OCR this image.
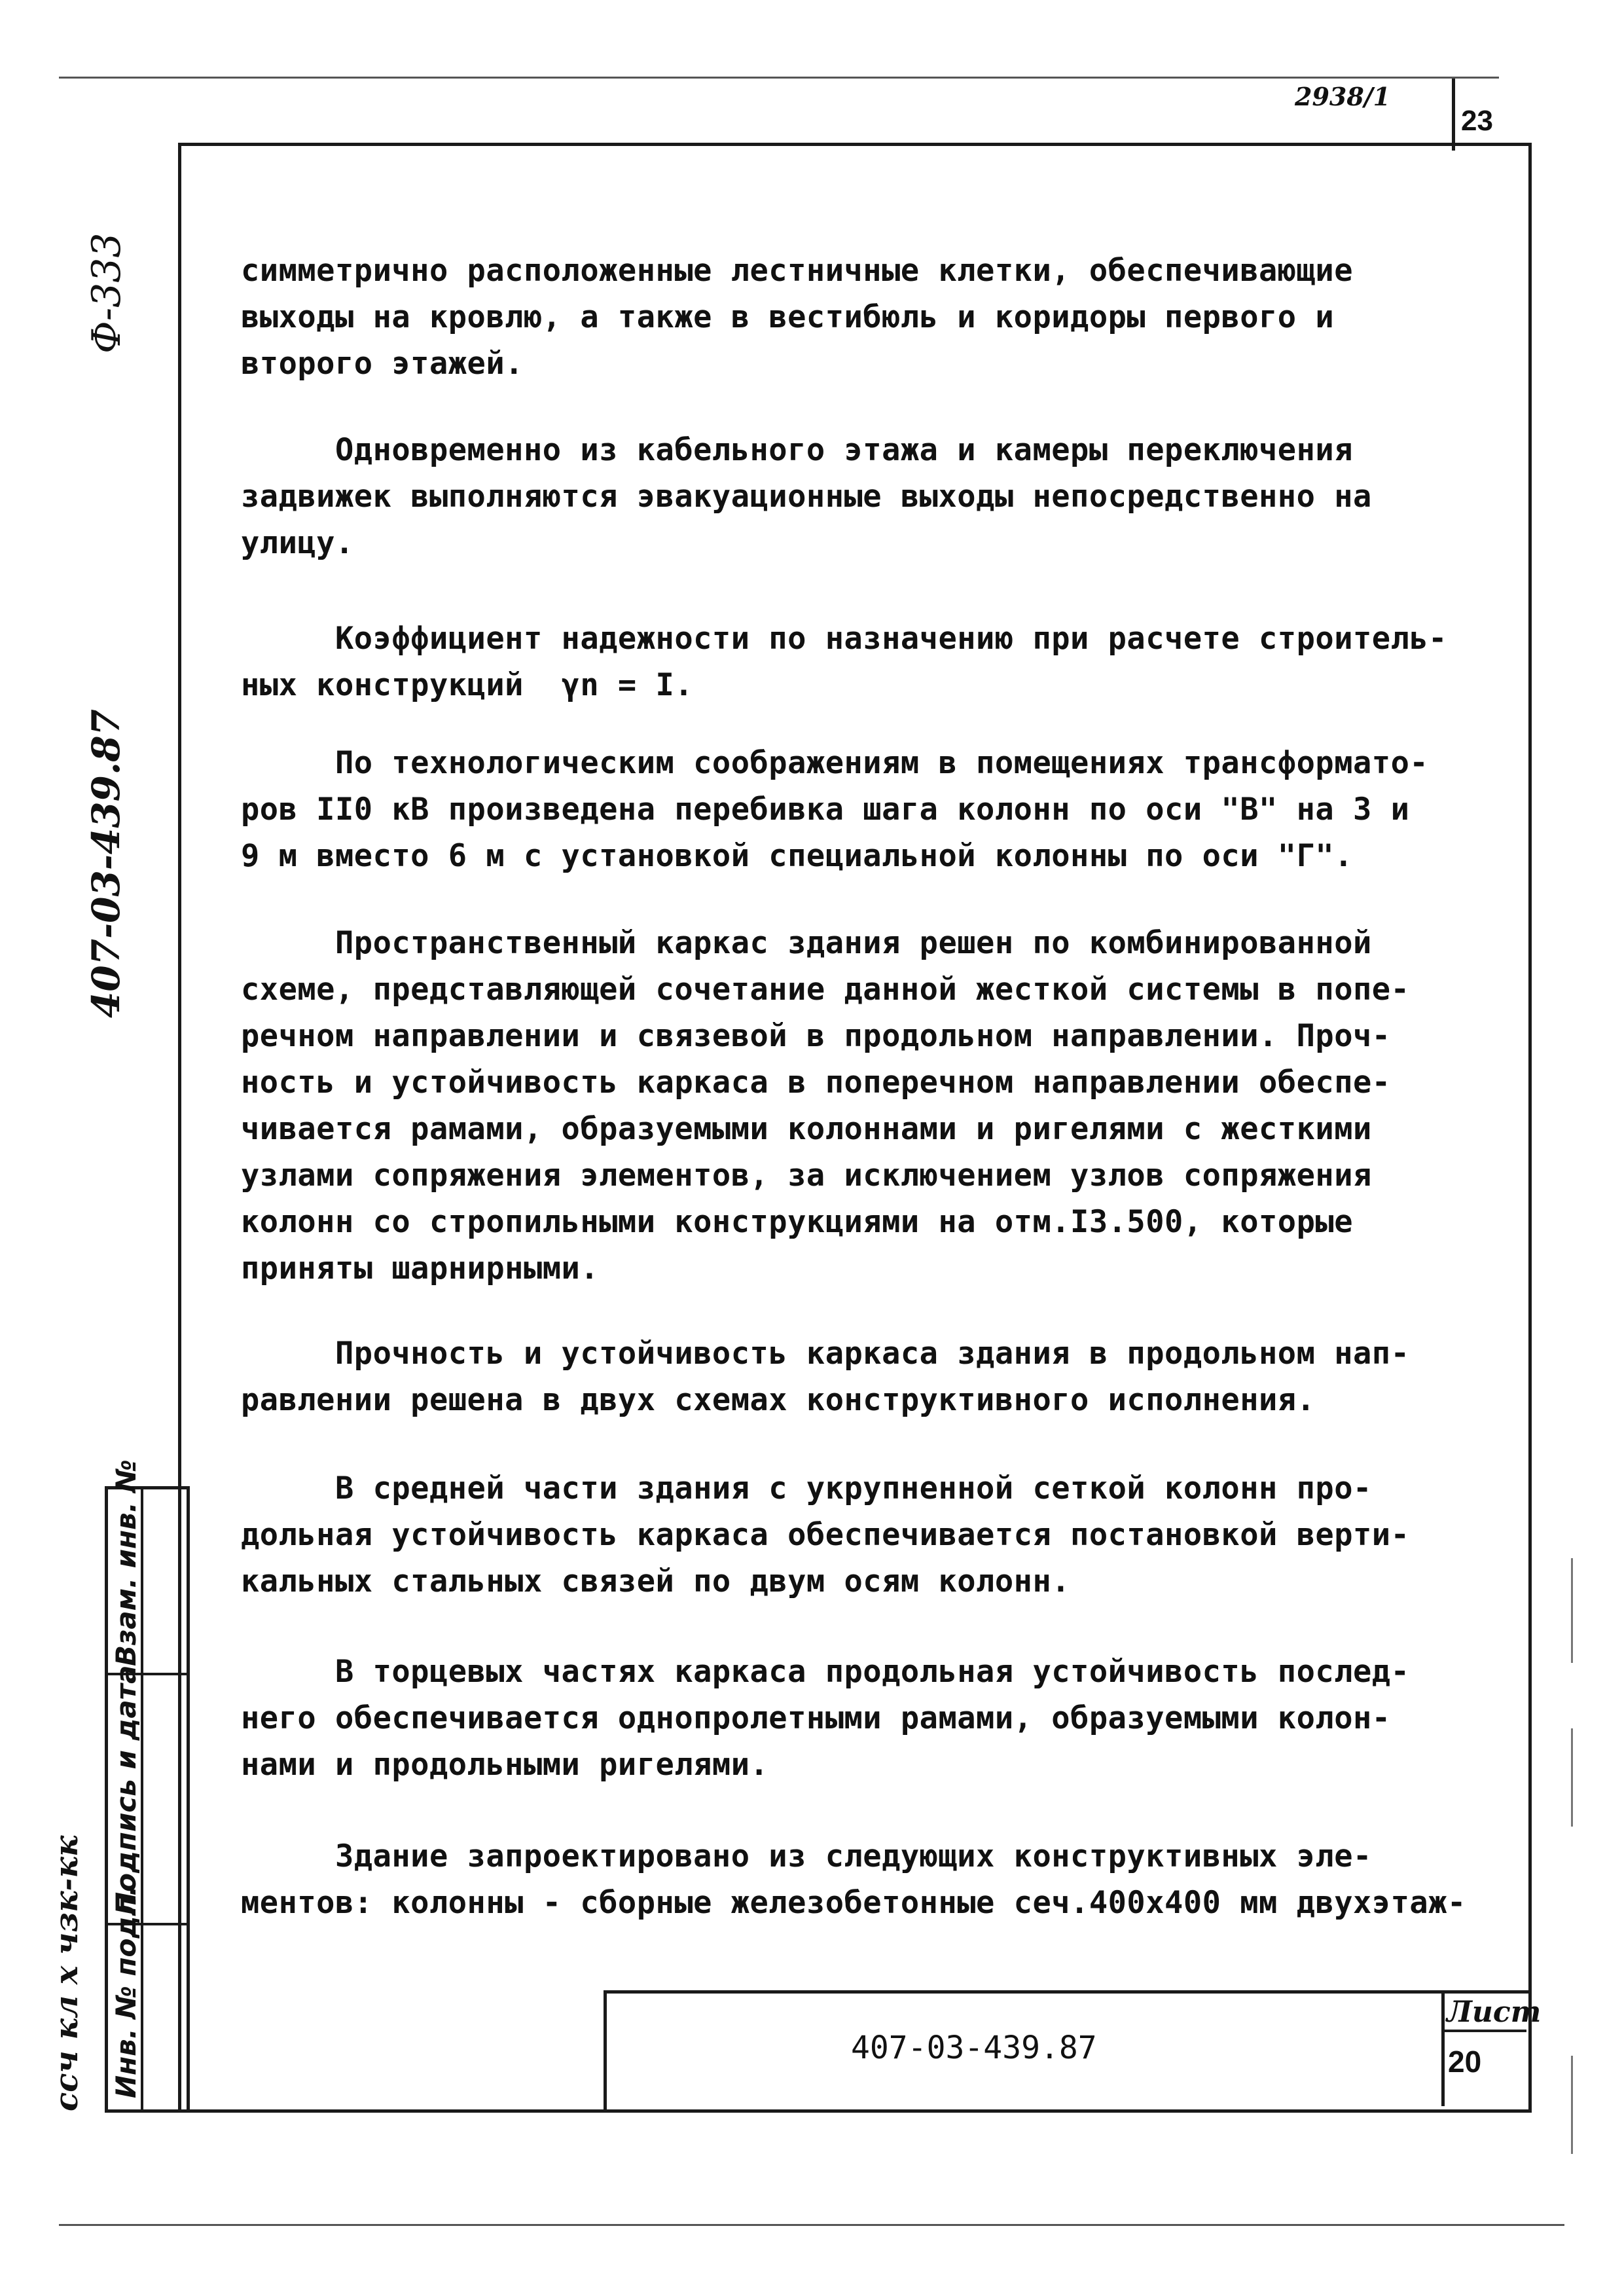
2938/1
23
Ф-333
407-03-439.87
ссч кл х чзк-кк
Взам. инв. №
Подпись и дата
Инв. № подл.
симметрично расположенные лестничные клетки, обеспечивающие
выходы на кровлю, а также в вестибюль и коридоры первого и
второго этажей.
Одновременно из кабельного этажа и камеры переключения
задвижек выполняются эвакуационные выходы непосредственно на
улицу.
Коэффициент надежности по назначению при расчете строитель-
ных конструкций  γn = I.
По технологическим соображениям в помещениях трансформато-
ров II0 кВ произведена перебивка шага колонн по оси "В" на 3 и
9 м вместо 6 м с установкой специальной колонны по оси "Г".
Пространственный каркас здания решен по комбинированной
схеме, представляющей сочетание данной жесткой системы в попе-
речном направлении и связевой в продольном направлении. Проч-
ность и устойчивость каркаса в поперечном направлении обеспе-
чивается рамами, образуемыми колоннами и ригелями с жесткими
узлами сопряжения элементов, за исключением узлов сопряжения
колонн со стропильными конструкциями на отм.I3.500, которые
приняты шарнирными.
Прочность и устойчивость каркаса здания в продольном нап-
равлении решена в двух схемах конструктивного исполнения.
В средней части здания с укрупненной сеткой колонн про-
дольная устойчивость каркаса обеспечивается постановкой верти-
кальных стальных связей по двум осям колонн.
В торцевых частях каркаса продольная устойчивость послед-
него обеспечивается однопролетными рамами, образуемыми колон-
нами и продольными ригелями.
Здание запроектировано из следующих конструктивных эле-
ментов: колонны - сборные железобетонные сеч.400х400 мм двухэтаж-
407-03-439.87
Лист
20
